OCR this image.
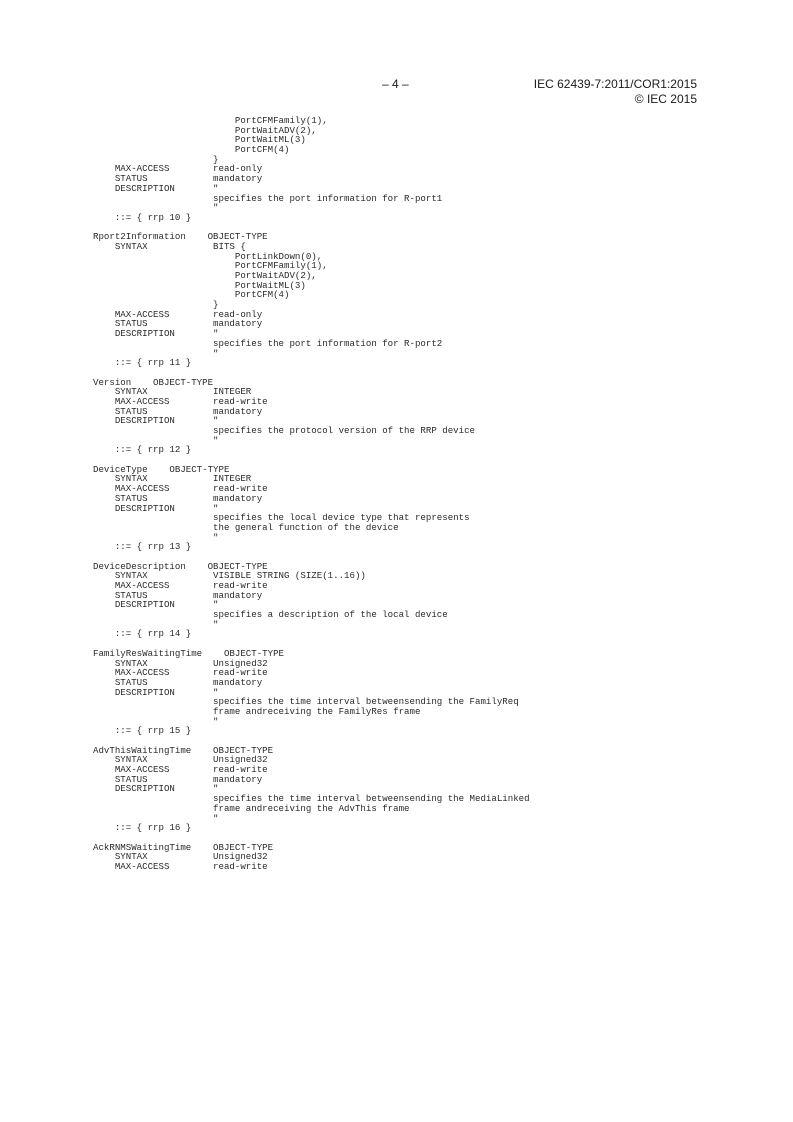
– 4 –	IEC 62439-7:2011/COR1:2015
© IEC 2015
PortCFMFamily(1),
PortWaitADV(2),
PortWaitML(3)
PortCFM(4)
}
MAX-ACCESS        read-only
STATUS            mandatory
DESCRIPTION       "
specifies the port information for R-port1
"
::= { rrp 10 }
Rport2Information    OBJECT-TYPE
SYNTAX            BITS {
PortLinkDown(0),
PortCFMFamily(1),
PortWaitADV(2),
PortWaitML(3)
PortCFM(4)
}
MAX-ACCESS        read-only
STATUS            mandatory
DESCRIPTION       "
specifies the port information for R-port2
"
::= { rrp 11 }
Version    OBJECT-TYPE
SYNTAX            INTEGER
MAX-ACCESS        read-write
STATUS            mandatory
DESCRIPTION       "
specifies the protocol version of the RRP device
"
::= { rrp 12 }
DeviceType    OBJECT-TYPE
SYNTAX            INTEGER
MAX-ACCESS        read-write
STATUS            mandatory
DESCRIPTION       "
specifies the local device type that represents
the general function of the device
"
::= { rrp 13 }
DeviceDescription    OBJECT-TYPE
SYNTAX            VISIBLE STRING (SIZE(1..16))
MAX-ACCESS        read-write
STATUS            mandatory
DESCRIPTION       "
specifies a description of the local device
"
::= { rrp 14 }
FamilyResWaitingTime    OBJECT-TYPE
SYNTAX            Unsigned32
MAX-ACCESS        read-write
STATUS            mandatory
DESCRIPTION       "
specifies the time interval betweensending the FamilyReq
frame andreceiving the FamilyRes frame
"
::= { rrp 15 }
AdvThisWaitingTime    OBJECT-TYPE
SYNTAX            Unsigned32
MAX-ACCESS        read-write
STATUS            mandatory
DESCRIPTION       "
specifies the time interval betweensending the MediaLinked
frame andreceiving the AdvThis frame
"
::= { rrp 16 }
AckRNMSWaitingTime    OBJECT-TYPE
SYNTAX            Unsigned32
MAX-ACCESS        read-write
